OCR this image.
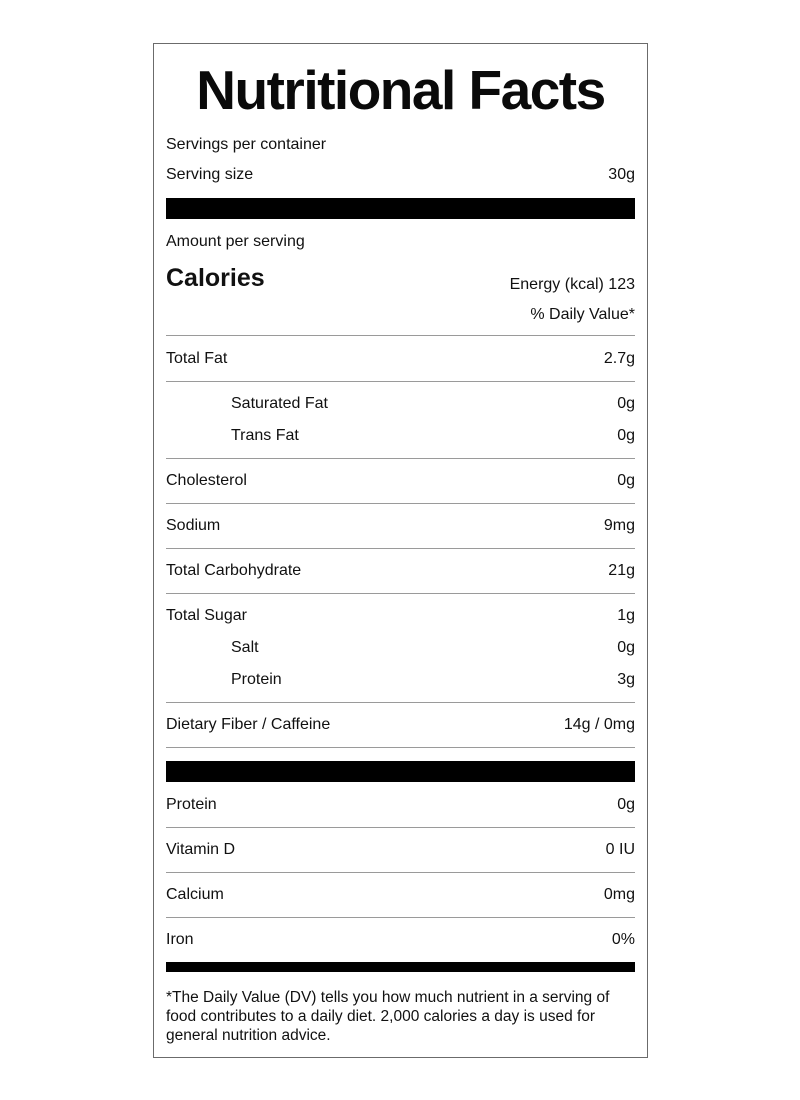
Nutritional Facts
Servings per container
Serving size	30g
Amount per serving
Calories	Energy (kcal) 123
% Daily Value*
Total Fat	2.7g
Saturated Fat	0g
Trans Fat	0g
Cholesterol	0g
Sodium	9mg
Total Carbohydrate	21g
Total Sugar	1g
Salt	0g
Protein	3g
Dietary Fiber / Caffeine	14g / 0mg
Protein	0g
Vitamin D	0 IU
Calcium	0mg
Iron	0%
*The Daily Value (DV) tells you how much nutrient in a serving of food contributes to a daily diet. 2,000 calories a day is used for general nutrition advice.
